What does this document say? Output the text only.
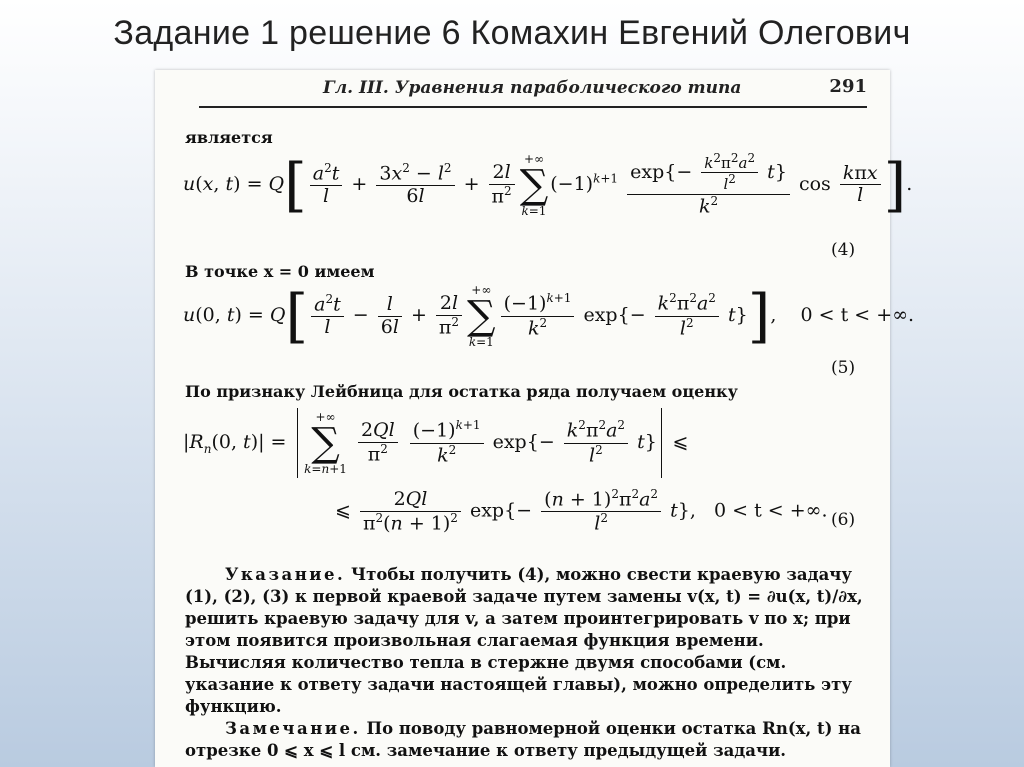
Задание 1 решение 6 Комахин Евгений Олегович
Гл. III. Уравнения параболического типа	291
является
u(x, $t) = Q[ \frac{a^2t}{l} + \frac{3x^2 - l^2}{6l} + \frac{2l}{\pi^2}$
+∞
∑
k=1
$(-1)^{k+1} \frac{\exp\{- \frac{k^2\pi^2a^2}{l^2} t\}}{k^2}$ $\cos \frac{\text{kπx}}{l}$ ].
(4)
В точке x = 0 имеем
u(0, $t) = Q[ \frac{a^2t}{l} - \frac{l}{6l} + \frac{2l}{\pi^2}$
+∞
∑
k=1
$\frac{(-1)^{k+1}}{k^2} \exp\{- \frac{k^2\pi^2a^2}{l^2} t\}$],    0 < t < +∞.
(5)
По признаку Лейбница для остатка ряда получаем оценку
$|R_n(0$, t)| =
+∞
∑
k=n+1

$\frac{2Ql}{\pi^2}$
$\frac{(-1)^{k+1}}{k^2} \exp\{- \frac{k^2\pi^2a^2}{l^2} t\}$ ⩽
⩽ $\frac{2Ql}{\pi^2(n + 1)^2} \exp\{- \frac{(n + 1)^2\pi^2a^2}{l^2} t\}$,   0 < t < +∞. (6)
Указание. Чтобы получить (4), можно свести краевую задачу (1), (2), (3) к первой краевой задаче путем замены v(x, t) = ∂u(x, t)/∂x, решить краевую задачу для v, а затем проинтегрировать v по x; при этом появится произвольная слагаемая функция времени. Вычисляя количество тепла в стержне двумя способами (см. указание к ответу задачи настоящей главы), можно определить эту функцию.
Замечание. По поводу равномерной оценки остатка Rn(x, t) на отрезке 0 ⩽ x ⩽ l см. замечание к ответу предыдущей задачи.
